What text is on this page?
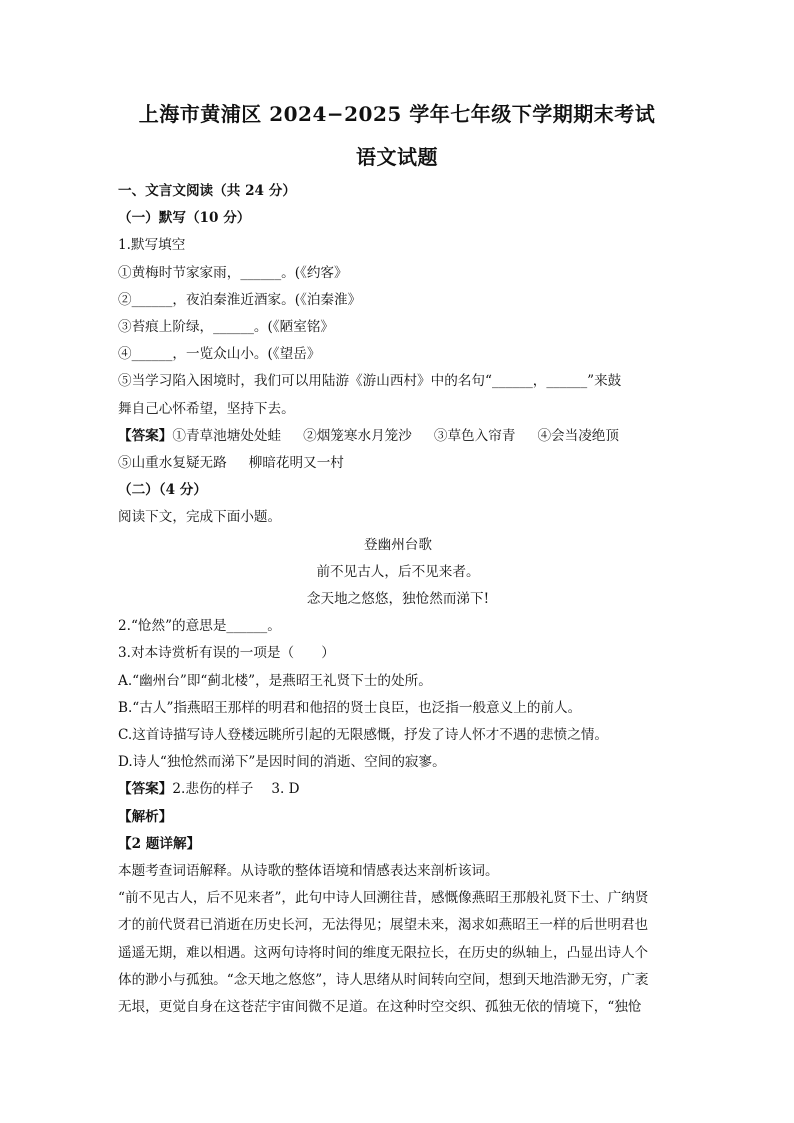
上海市黄浦区 2024−2025 学年七年级下学期期末考试
语文试题
一、文言文阅读（共 24 分）
（一）默写（10 分）
1.默写填空
①黄梅时节家家雨，______。(《约客》
②______，夜泊秦淮近酒家。(《泊秦淮》
③苔痕上阶绿，______。(《陋室铭》
④______，一览众山小。(《望岳》
⑤当学习陷入困境时，我们可以用陆游《游山西村》中的名句“______，______”来鼓
舞自己心怀希望，坚持下去。
【答案】①青草池塘处处蛙 ②烟笼寒水月笼沙 ③草色入帘青 ④会当凌绝顶
⑤山重水复疑无路 柳暗花明又一村
（二）（4 分）
阅读下文，完成下面小题。
登幽州台歌
前不见古人，后不见来者。
念天地之悠悠，独怆然而涕下!
2.“怆然”的意思是______。
3.对本诗赏析有误的一项是（　　）
A.“幽州台”即“蓟北楼”，是燕昭王礼贤下士的处所。
B.“古人”指燕昭王那样的明君和他招的贤士良臣，也泛指一般意义上的前人。
C.这首诗描写诗人登楼远眺所引起的无限感慨，抒发了诗人怀才不遇的悲愤之情。
D.诗人“独怆然而涕下”是因时间的消逝、空间的寂寥。
【答案】2.悲伤的样子 3. D
【解析】
【2 题详解】
本题考查词语解释。从诗歌的整体语境和情感表达来剖析该词。
“前不见古人，后不见来者”，此句中诗人回溯往昔，感慨像燕昭王那般礼贤下士、广纳贤
才的前代贤君已消逝在历史长河，无法得见；展望未来，渴求如燕昭王一样的后世明君也
遥遥无期，难以相遇。这两句诗将时间的维度无限拉长，在历史的纵轴上，凸显出诗人个
体的渺小与孤独。“念天地之悠悠”，诗人思绪从时间转向空间，想到天地浩渺无穷，广袤
无垠，更觉自身在这苍茫宇宙间微不足道。在这种时空交织、孤独无依的情境下，“独怆
